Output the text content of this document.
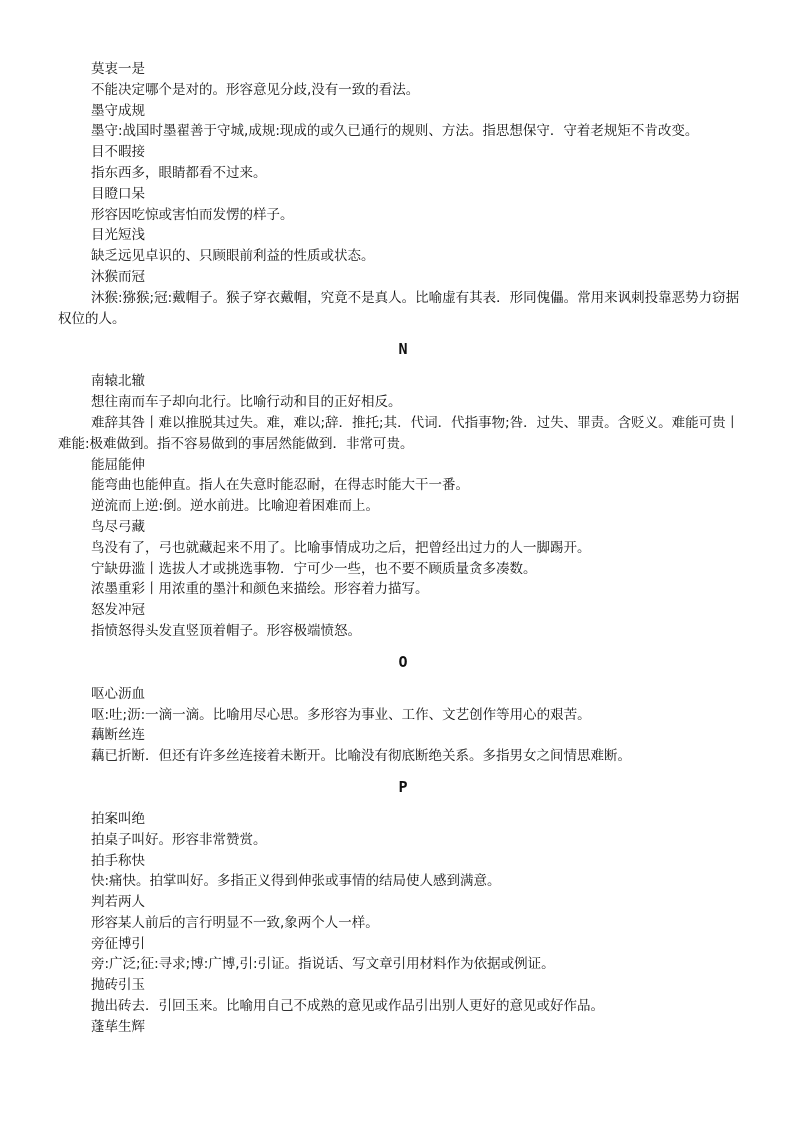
莫衷一是

不能决定哪个是对的。形容意见分歧,没有一致的看法。

墨守成规

墨守:战国时墨翟善于守城,成规:现成的或久已通行的规则、方法。指思想保守．守着老规矩不肯改变。

目不暇接

指东西多，眼睛都看不过来。

目瞪口呆

形容因吃惊或害怕而发愣的样子。

目光短浅

缺乏远见卓识的、只顾眼前利益的性质或状态。

沐猴而冠

沐猴:猕猴;冠:戴帽子。猴子穿衣戴帽，究竟不是真人。比喻虚有其表．形同傀儡。常用来讽刺投靠恶势力窃据权位的人。

N

南辕北辙

想往南而车子却向北行。比喻行动和目的正好相反。

难辞其咎丨难以推脱其过失。难，难以;辞．推托;其．代词．代指事物;咎．过失、罪责。含贬义。难能可贵丨难能:极难做到。指不容易做到的事居然能做到．非常可贵。

能屈能伸

能弯曲也能伸直。指人在失意时能忍耐，在得志时能大干一番。

逆流而上逆:倒。逆水前进。比喻迎着困难而上。

鸟尽弓藏

鸟没有了，弓也就藏起来不用了。比喻事情成功之后，把曾经出过力的人一脚踢开。

宁缺毋滥丨选拔人才或挑选事物．宁可少一些，也不要不顾质量贪多凑数。

浓墨重彩丨用浓重的墨汁和颜色来描绘。形容着力描写。

怒发冲冠

指愤怒得头发直竖顶着帽子。形容极端愤怒。

O

呕心沥血

呕:吐;沥:一滴一滴。比喻用尽心思。多形容为事业、工作、文艺创作等用心的艰苦。

藕断丝连

藕已折断．但还有许多丝连接着未断开。比喻没有彻底断绝关系。多指男女之间情思难断。

P

拍案叫绝

拍桌子叫好。形容非常赞赏。

拍手称快

快:痛快。拍掌叫好。多指正义得到伸张或事情的结局使人感到满意。

判若两人

形容某人前后的言行明显不一致,象两个人一样。

旁征博引

旁:广泛;征:寻求;博:广博,引:引证。指说话、写文章引用材料作为依据或例证。

抛砖引玉

抛出砖去．引回玉来。比喻用自己不成熟的意见或作品引出别人更好的意见或好作品。

蓬荜生辉
